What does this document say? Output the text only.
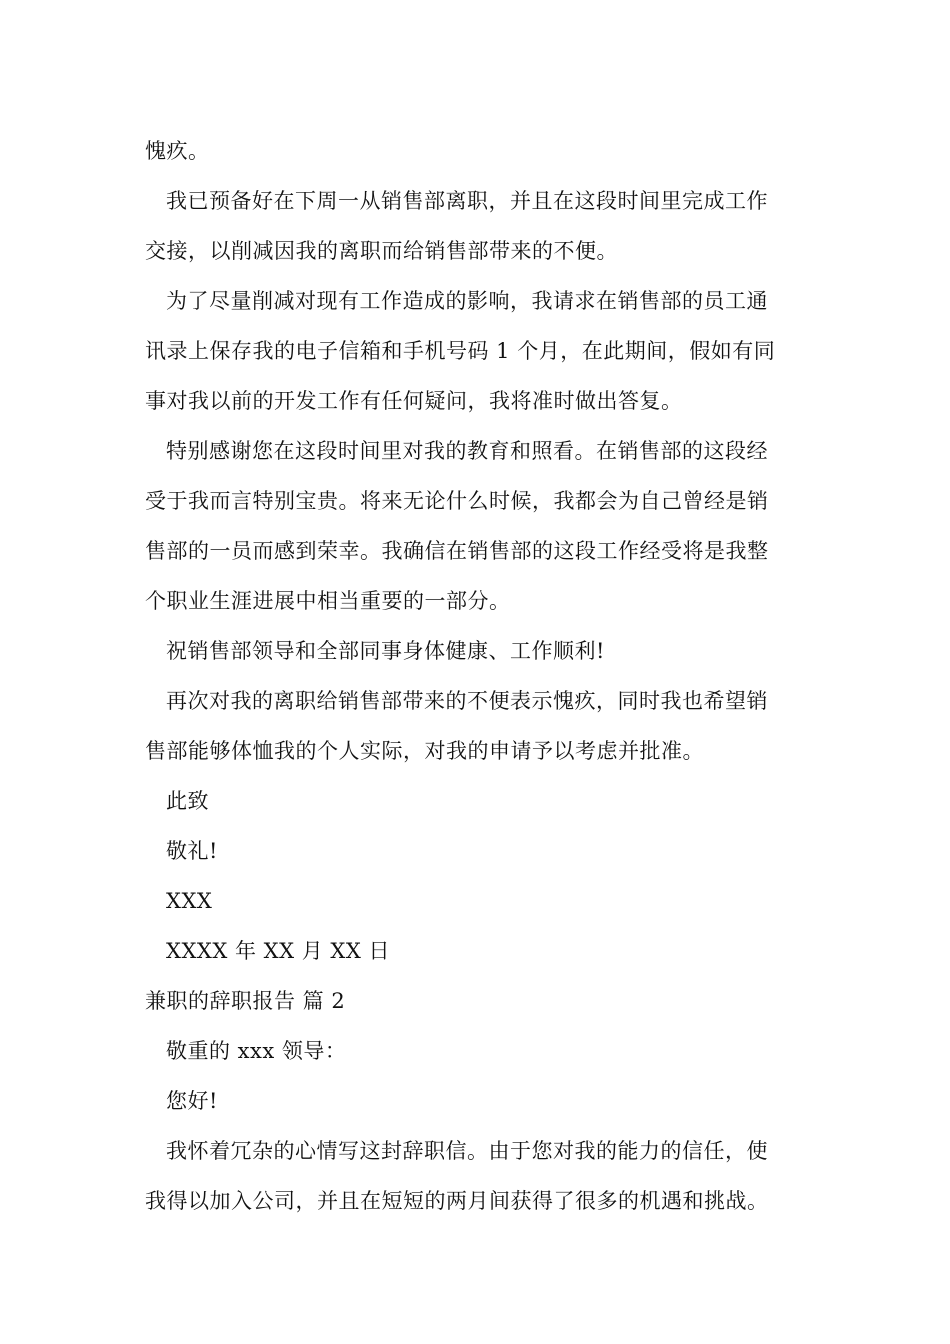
愧疚。
我已预备好在下周一从销售部离职，并且在这段时间里完成工作
交接，以削减因我的离职而给销售部带来的不便。
为了尽量削减对现有工作造成的影响，我请求在销售部的员工通
讯录上保存我的电子信箱和手机号码 1 个月，在此期间，假如有同
事对我以前的开发工作有任何疑问，我将准时做出答复。
特别感谢您在这段时间里对我的教育和照看。在销售部的这段经
受于我而言特别宝贵。将来无论什么时候，我都会为自己曾经是销
售部的一员而感到荣幸。我确信在销售部的这段工作经受将是我整
个职业生涯进展中相当重要的一部分。
祝销售部领导和全部同事身体健康、工作顺利!
再次对我的离职给销售部带来的不便表示愧疚，同时我也希望销
售部能够体恤我的个人实际，对我的申请予以考虑并批准。
此致
敬礼!
XXX
XXXX 年 XX 月 XX 日
兼职的辞职报告 篇 2
敬重的 xxx 领导：
您好!
我怀着冗杂的心情写这封辞职信。由于您对我的能力的信任，使
我得以加入公司，并且在短短的两月间获得了很多的机遇和挑战。
